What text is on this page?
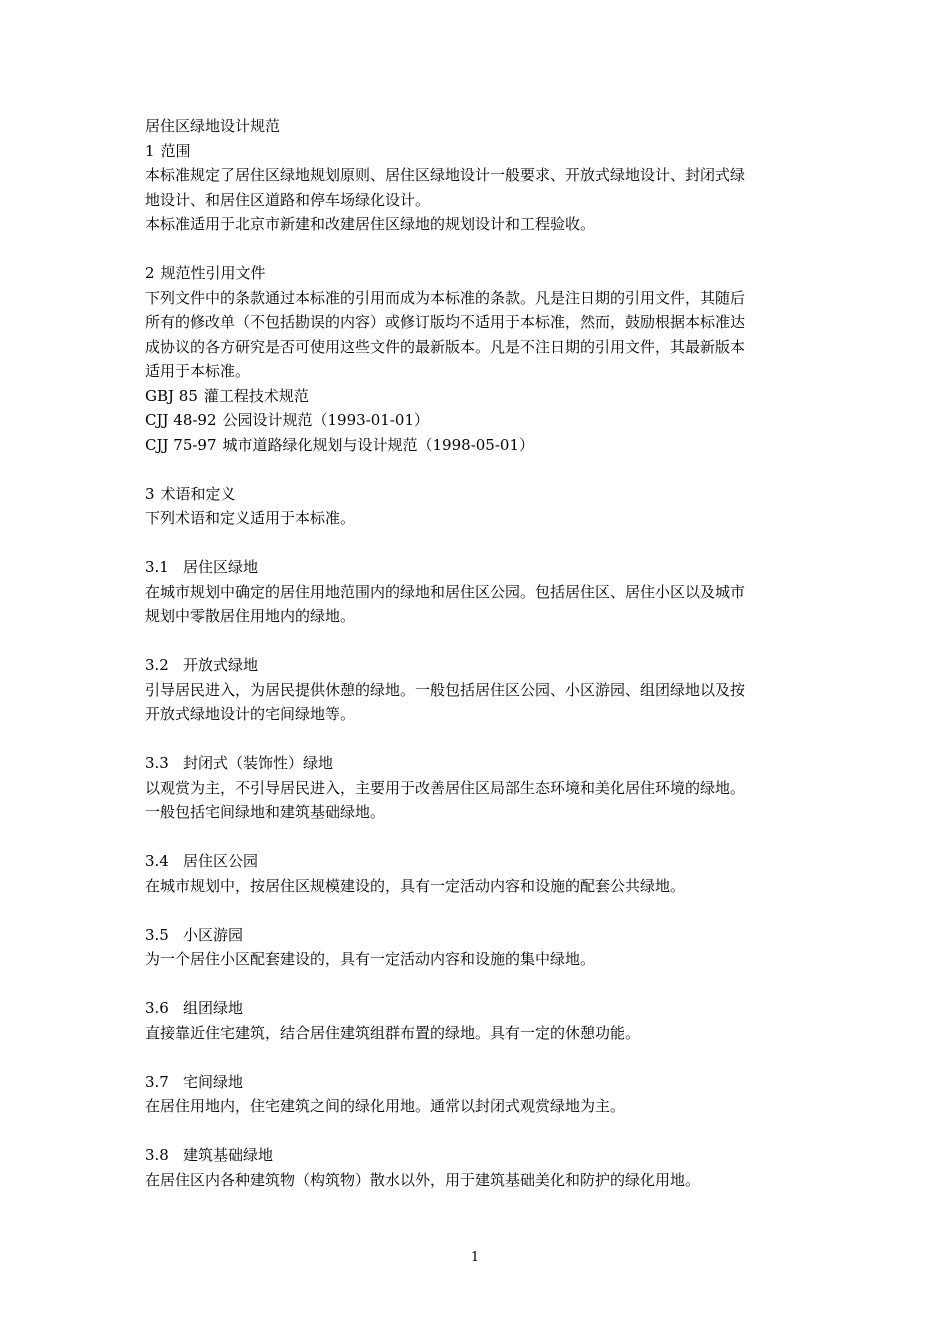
居住区绿地设计规范
1 范围
本标准规定了居住区绿地规划原则、居住区绿地设计一般要求、开放式绿地设计、封闭式绿
地设计、和居住区道路和停车场绿化设计。
本标准适用于北京市新建和改建居住区绿地的规划设计和工程验收。
2 规范性引用文件
下列文件中的条款通过本标准的引用而成为本标准的条款。凡是注日期的引用文件，其随后
所有的修改单（不包括勘误的内容）或修订版均不适用于本标准，然而，鼓励根据本标准达
成协议的各方研究是否可使用这些文件的最新版本。凡是不注日期的引用文件，其最新版本
适用于本标准。
GBJ 85 灌工程技术规范
CJJ 48-92 公园设计规范（1993-01-01）
CJJ 75-97 城市道路绿化规划与设计规范（1998-05-01）
3 术语和定义
下列术语和定义适用于本标准。
3.1 居住区绿地
在城市规划中确定的居住用地范围内的绿地和居住区公园。包括居住区、居住小区以及城市
规划中零散居住用地内的绿地。
3.2 开放式绿地
引导居民进入，为居民提供休憩的绿地。一般包括居住区公园、小区游园、组团绿地以及按
开放式绿地设计的宅间绿地等。
3.3 封闭式（装饰性）绿地
以观赏为主，不引导居民进入，主要用于改善居住区局部生态环境和美化居住环境的绿地。
一般包括宅间绿地和建筑基础绿地。
3.4 居住区公园
在城市规划中，按居住区规模建设的，具有一定活动内容和设施的配套公共绿地。
3.5 小区游园
为一个居住小区配套建设的，具有一定活动内容和设施的集中绿地。
3.6 组团绿地
直接靠近住宅建筑，结合居住建筑组群布置的绿地。具有一定的休憩功能。
3.7 宅间绿地
在居住用地内，住宅建筑之间的绿化用地。通常以封闭式观赏绿地为主。
3.8 建筑基础绿地
在居住区内各种建筑物（构筑物）散水以外，用于建筑基础美化和防护的绿化用地。
1
